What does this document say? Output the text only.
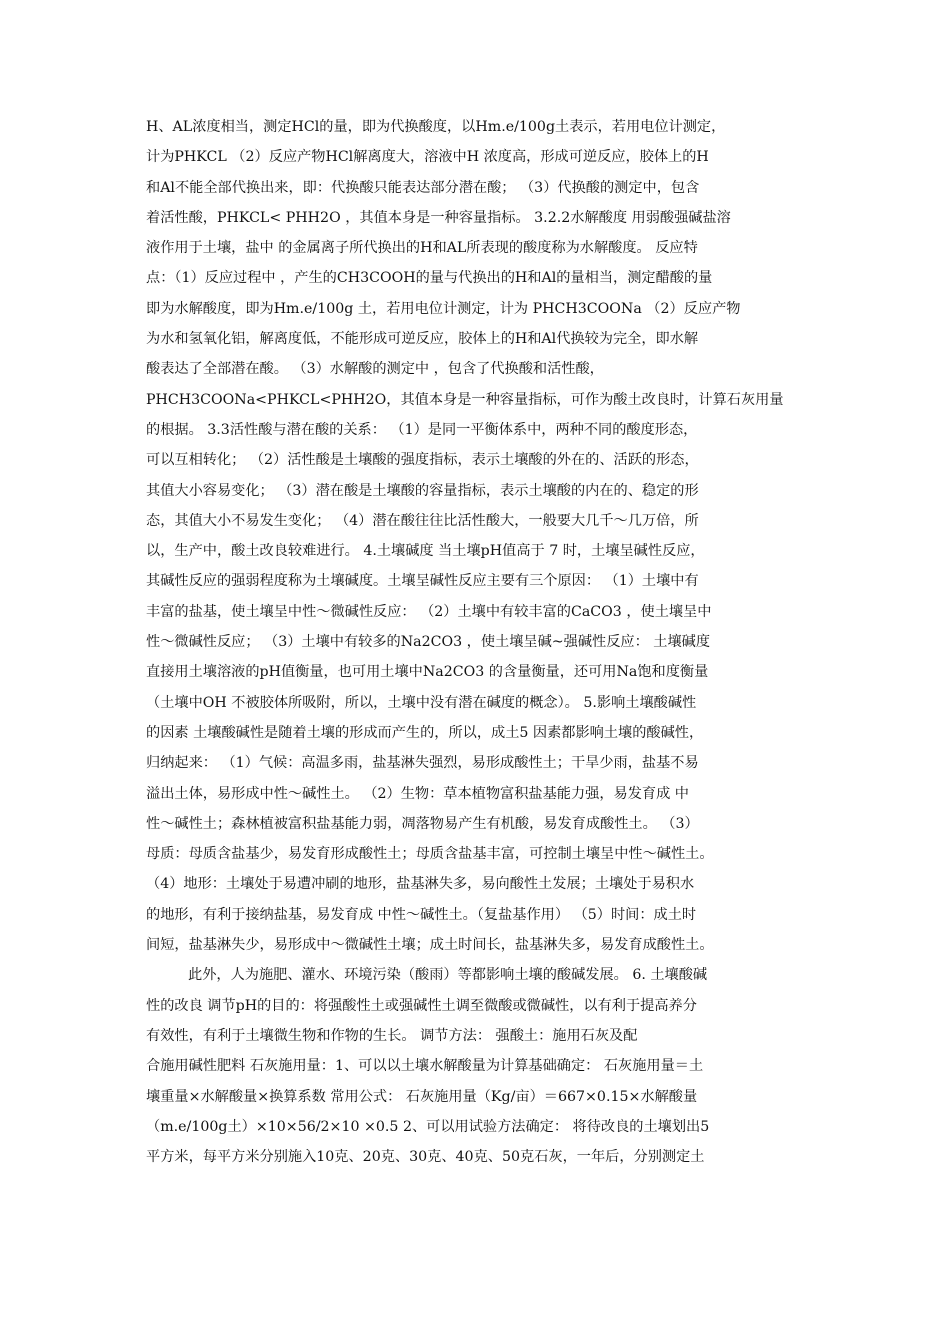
H、AL浓度相当，测定HCl的量，即为代换酸度，以Hm.e/100g土表示，若用电位计测定，
计为PHKCL （2）反应产物HCl解离度大，溶液中H 浓度高，形成可逆反应，胶体上的H
和Al不能全部代换出来，即：代换酸只能表达部分潜在酸； （3）代换酸的测定中，包含
着活性酸，PHKCL< PHH2O ，其值本身是一种容量指标。 3.2.2水解酸度 用弱酸强碱盐溶
液作用于土壤，盐中 的金属离子所代换出的H和AL所表现的酸度称为水解酸度。 反应特
点：（1）反应过程中 ，产生的CH3COOH的量与代换出的H和Al的量相当，测定醋酸的量
即为水解酸度，即为Hm.e/100g 土，若用电位计测定，计为 PHCH3COONa （2）反应产物
为水和氢氧化铝，解离度低，不能形成可逆反应，胶体上的H和Al代换较为完全，即水解
酸表达了全部潜在酸。 （3）水解酸的测定中 ，包含了代换酸和活性酸，
PHCH3COONa<PHKCL<PHH2O，其值本身是一种容量指标，可作为酸土改良时，计算石灰用量
的根据。 3.3活性酸与潜在酸的关系： （1）是同一平衡体系中，两种不同的酸度形态，
可以互相转化； （2）活性酸是土壤酸的强度指标，表示土壤酸的外在的、活跃的形态，
其值大小容易变化； （3）潜在酸是土壤酸的容量指标，表示土壤酸的内在的、稳定的形
态，其值大小不易发生变化； （4）潜在酸往往比活性酸大，一般要大几千～几万倍，所
以，生产中，酸土改良较难进行。 4.土壤碱度 当土壤pH值高于 7 时，土壤呈碱性反应，
其碱性反应的强弱程度称为土壤碱度。土壤呈碱性反应主要有三个原因： （1）土壤中有
丰富的盐基，使土壤呈中性～微碱性反应： （2）土壤中有较丰富的CaCO3 ，使土壤呈中
性～微碱性反应； （3）土壤中有较多的Na2CO3 ，使土壤呈碱~强碱性反应： 土壤碱度
直接用土壤溶液的pH值衡量，也可用土壤中Na2CO3 的含量衡量，还可用Na饱和度衡量
（土壤中OH 不被胶体所吸附，所以，土壤中没有潜在碱度的概念）。 5.影响土壤酸碱性
的因素 土壤酸碱性是随着土壤的形成而产生的，所以，成土5 因素都影响土壤的酸碱性，
归纳起来： （1）气候：高温多雨，盐基淋失强烈，易形成酸性土；干旱少雨，盐基不易
溢出土体，易形成中性～碱性土。 （2）生物：草本植物富积盐基能力强，易发育成 中
性～碱性土；森林植被富积盐基能力弱，凋落物易产生有机酸，易发育成酸性土。 （3）
母质：母质含盐基少，易发育形成酸性土；母质含盐基丰富，可控制土壤呈中性～碱性土。
（4）地形：土壤处于易遭冲刷的地形，盐基淋失多，易向酸性土发展；土壤处于易积水
的地形，有利于接纳盐基，易发育成 中性～碱性土。（复盐基作用） （5）时间：成土时
间短，盐基淋失少，易形成中～微碱性土壤；成土时间长，盐基淋失多，易发育成酸性土。
此外，人为施肥、灌水、环境污染（酸雨）等都影响土壤的酸碱发展。 6. 土壤酸碱
性的改良 调节pH的目的：将强酸性土或强碱性土调至微酸或微碱性，以有利于提高养分
有效性，有利于土壤微生物和作物的生长。 调节方法： 强酸土：施用石灰及配
合施用碱性肥料 石灰施用量：1、可以以土壤水解酸量为计算基础确定： 石灰施用量＝土
壤重量×水解酸量×换算系数 常用公式： 石灰施用量（Kg/亩）＝667×0.15×水解酸量
（m.e/100g土）×10×56/2×10 ×0.5 2、可以用试验方法确定： 将待改良的土壤划出5
平方米，每平方米分别施入10克、20克、30克、40克、50克石灰，一年后，分别测定土
